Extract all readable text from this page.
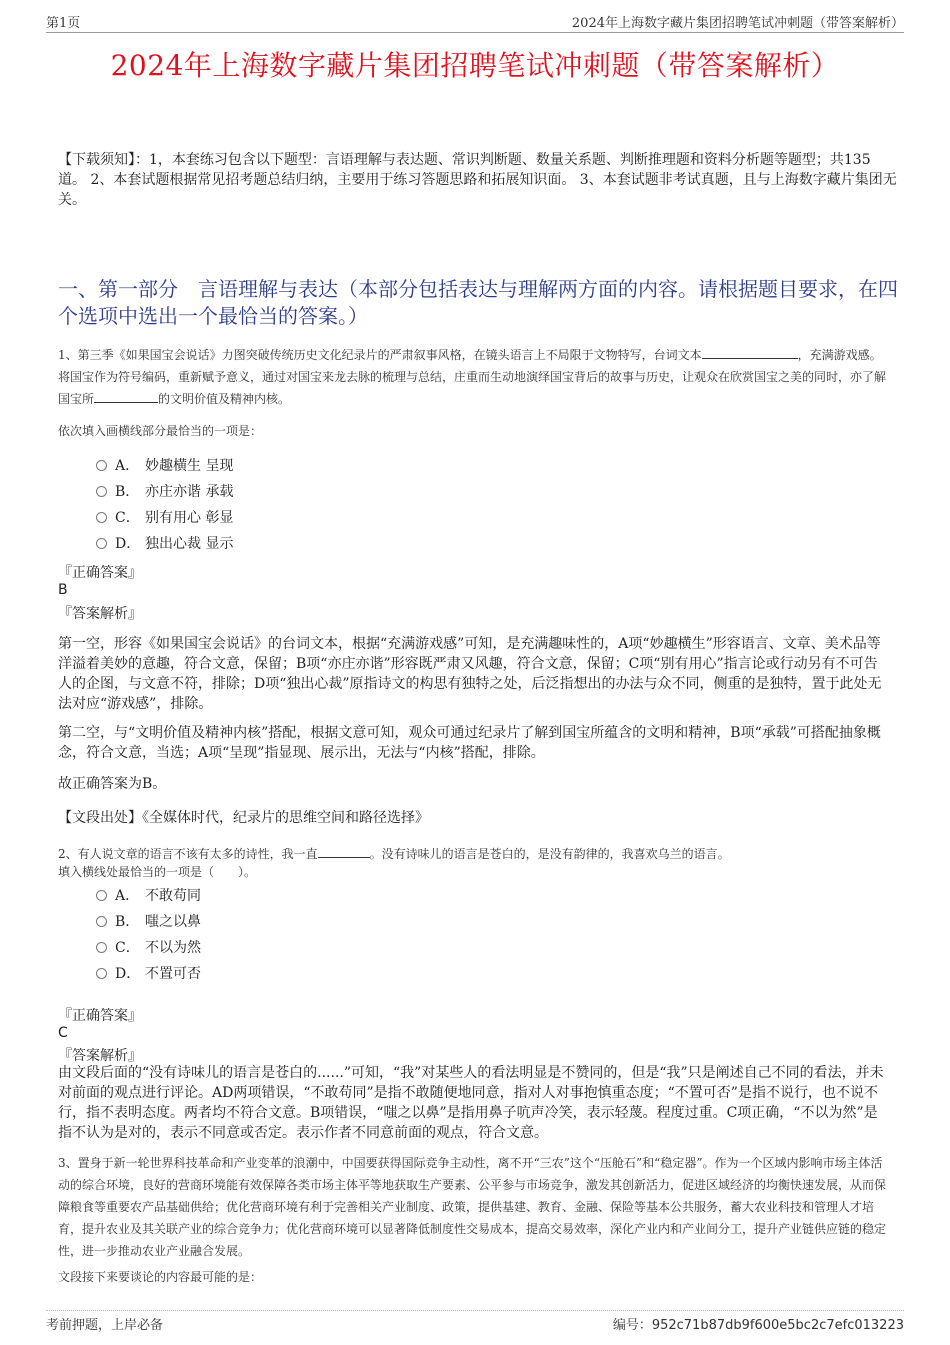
第1页	2024年上海数字藏片集团招聘笔试冲刺题（带答案解析）
2024年上海数字藏片集团招聘笔试冲刺题（带答案解析）
【下载须知】：1，本套练习包含以下题型：言语理解与表达题、常识判断题、数量关系题、判断推理题和资料分析题等题型；共135道。 2、本套试题根据常见招考题总结归纳，主要用于练习答题思路和拓展知识面。 3、本套试题非考试真题，且与上海数字藏片集团无关。
一、第一部分　言语理解与表达（本部分包括表达与理解两方面的内容。请根据题目要求，在四个选项中选出一个最恰当的答案。）
1、第三季《如果国宝会说话》力图突破传统历史文化纪录片的严肃叙事风格，在镜头语言上不局限于文物特写，台词文本	，充满游戏感。将国宝作为符号编码，重新赋予意义，通过对国宝来龙去脉的梳理与总结，庄重而生动地演绎国宝背后的故事与历史，让观众在欣赏国宝之美的同时，亦了解国宝所	的文明价值及精神内核。
依次填入画横线部分最恰当的一项是：
A． 妙趣横生 呈现
B． 亦庄亦谐 承载
C． 别有用心 彰显
D． 独出心裁 显示
『正确答案』
B
『答案解析』
第一空，形容《如果国宝会说话》的台词文本，根据“充满游戏感”可知，是充满趣味性的，A项“妙趣横生”形容语言、文章、美术品等洋溢着美妙的意趣，符合文意，保留；B项“亦庄亦谐”形容既严肃又风趣，符合文意，保留；C项“别有用心”指言论或行动另有不可告人的企图，与文意不符，排除；D项“独出心裁”原指诗文的构思有独特之处，后泛指想出的办法与众不同，侧重的是独特，置于此处无法对应“游戏感”，排除。
第二空，与“文明价值及精神内核”搭配，根据文意可知，观众可通过纪录片了解到国宝所蕴含的文明和精神，B项“承载”可搭配抽象概念，符合文意，当选；A项“呈现”指显现、展示出，无法与“内核”搭配，排除。
故正确答案为B。
【文段出处】《全媒体时代，纪录片的思维空间和路径选择》
2、有人说文章的语言不该有太多的诗性，我一直	。没有诗味儿的语言是苍白的，是没有韵律的，我喜欢乌兰的语言。
填入横线处最恰当的一项是（　　）。
A． 不敢苟同
B． 嗤之以鼻
C． 不以为然
D． 不置可否
『正确答案』
C
『答案解析』
由文段后面的“没有诗味儿的语言是苍白的......”可知，“我”对某些人的看法明显是不赞同的，但是“我”只是阐述自己不同的看法，并未对前面的观点进行评论。AD两项错误，“不敢苟同”是指不敢随便地同意，指对人对事抱慎重态度；“不置可否”是指不说行，也不说不行，指不表明态度。两者均不符合文意。B项错误，“嗤之以鼻”是指用鼻子吭声冷笑，表示轻蔑。程度过重。C项正确，“不以为然”是指不认为是对的，表示不同意或否定。表示作者不同意前面的观点，符合文意。
3、置身于新一轮世界科技革命和产业变革的浪潮中，中国要获得国际竞争主动性，离不开“三农”这个“压舱石”和“稳定器”。作为一个区域内影响市场主体活动的综合环境，良好的营商环境能有效保障各类市场主体平等地获取生产要素、公平参与市场竞争，激发其创新活力，促进区域经济的均衡快速发展，从而保障粮食等重要农产品基础供给；优化营商环境有利于完善相关产业制度、政策，提供基建、教育、金融、保险等基本公共服务，蓄大农业科技和管理人才培育，提升农业及其关联产业的综合竞争力；优化营商环境可以显著降低制度性交易成本，提高交易效率，深化产业内和产业间分工，提升产业链供应链的稳定性，进一步推动农业产业融合发展。
文段接下来要谈论的内容最可能的是：
考前押题，上岸必备	编号：952c71b87db9f600e5bc2c7efc013223
